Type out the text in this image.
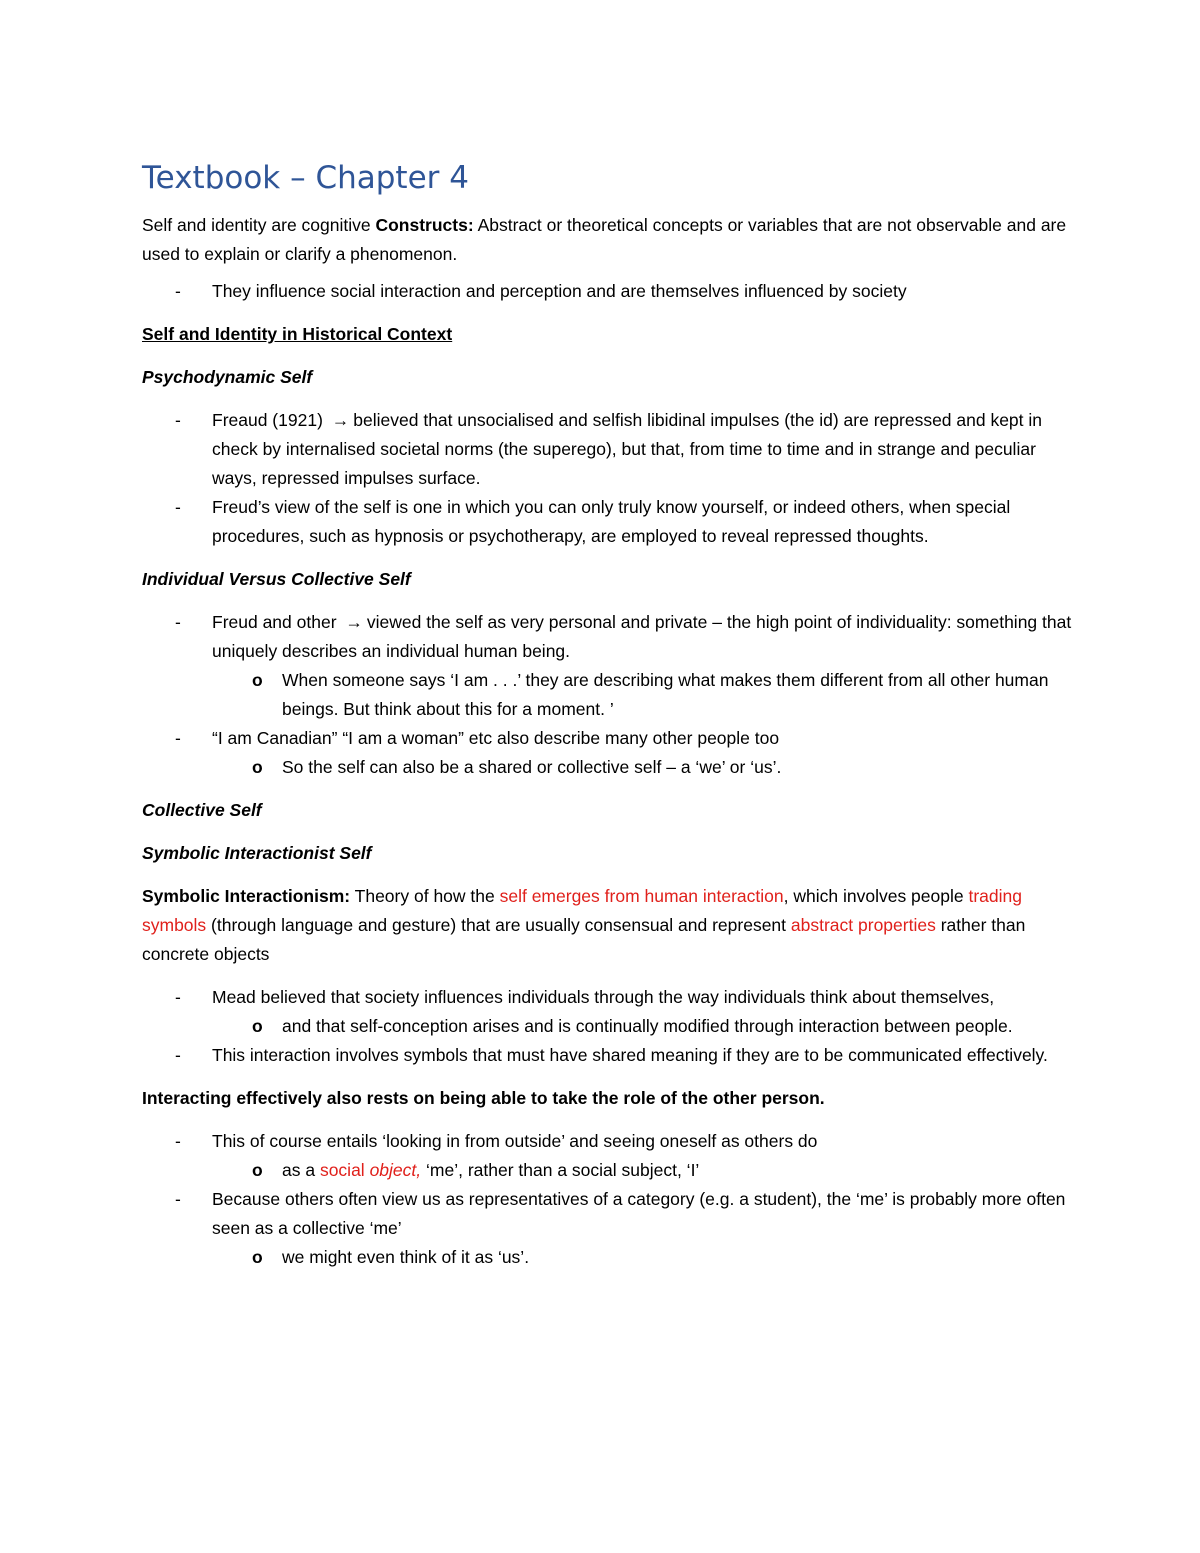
Textbook – Chapter 4

Self and identity are cognitive Constructs: Abstract or theoretical concepts or variables that are not observable and are used to explain or clarify a phenomenon.

- They influence social interaction and perception and are themselves influenced by society

Self and Identity in Historical Context

Psychodynamic Self

- Freaud (1921) → believed that unsocialised and selfish libidinal impulses (the id) are repressed and kept in check by internalised societal norms (the superego), but that, from time to time and in strange and peculiar ways, repressed impulses surface.
- Freud’s view of the self is one in which you can only truly know yourself, or indeed others, when special procedures, such as hypnosis or psychotherapy, are employed to reveal repressed thoughts.

Individual Versus Collective Self

- Freud and other → viewed the self as very personal and private – the high point of individuality: something that uniquely describes an individual human being.
o When someone says ‘I am . . .’ they are describing what makes them different from all other human beings. But think about this for a moment. ’
- “I am Canadian” “I am a woman” etc also describe many other people too
o So the self can also be a shared or collective self – a ‘we’ or ‘us’.

Collective Self

Symbolic Interactionist Self

Symbolic Interactionism: Theory of how the self emerges from human interaction, which involves people trading symbols (through language and gesture) that are usually consensual and represent abstract properties rather than concrete objects

- Mead believed that society influences individuals through the way individuals think about themselves,
o and that self-conception arises and is continually modified through interaction between people.
- This interaction involves symbols that must have shared meaning if they are to be communicated effectively.

Interacting effectively also rests on being able to take the role of the other person.

- This of course entails ‘looking in from outside’ and seeing oneself as others do
o as a social object, ‘me’, rather than a social subject, ‘I’
- Because others often view us as representatives of a category (e.g. a student), the ‘me’ is probably more often seen as a collective ‘me’
o we might even think of it as ‘us’.
